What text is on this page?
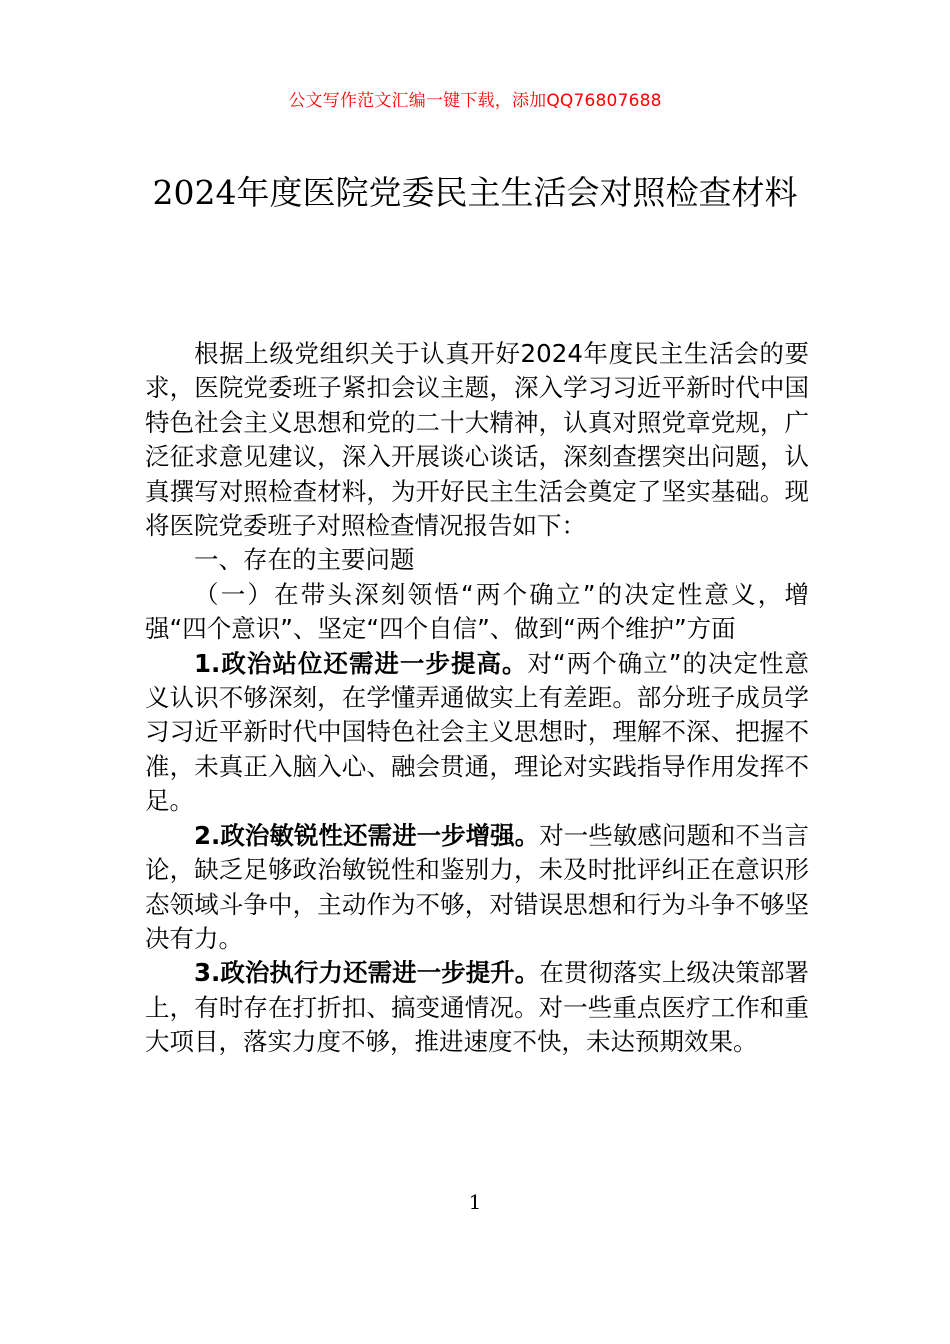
公文写作范文汇编一键下载，添加QQ76807688
2024年度医院党委民主生活会对照检查材料

根据上级党组织关于认真开好2024年度民主生活会的要求，医院党委班子紧扣会议主题，深入学习习近平新时代中国特色社会主义思想和党的二十大精神，认真对照党章党规，广泛征求意见建议，深入开展谈心谈话，深刻查摆突出问题，认真撰写对照检查材料，为开好民主生活会奠定了坚实基础。现将医院党委班子对照检查情况报告如下：

一、存在的主要问题

（一）在带头深刻领悟“两个确立”的决定性意义，增强“四个意识”、坚定“四个自信”、做到“两个维护”方面

1.政治站位还需进一步提高。对“两个确立”的决定性意义认识不够深刻，在学懂弄通做实上有差距。部分班子成员学习习近平新时代中国特色社会主义思想时，理解不深、把握不准，未真正入脑入心、融会贯通，理论对实践指导作用发挥不足。

2.政治敏锐性还需进一步增强。对一些敏感问题和不当言论，缺乏足够政治敏锐性和鉴别力，未及时批评纠正在意识形态领域斗争中，主动作为不够，对错误思想和行为斗争不够坚决有力。

3.政治执行力还需进一步提升。在贯彻落实上级决策部署上，有时存在打折扣、搞变通情况。对一些重点医疗工作和重大项目，落实力度不够，推进速度不快，未达预期效果。

1
